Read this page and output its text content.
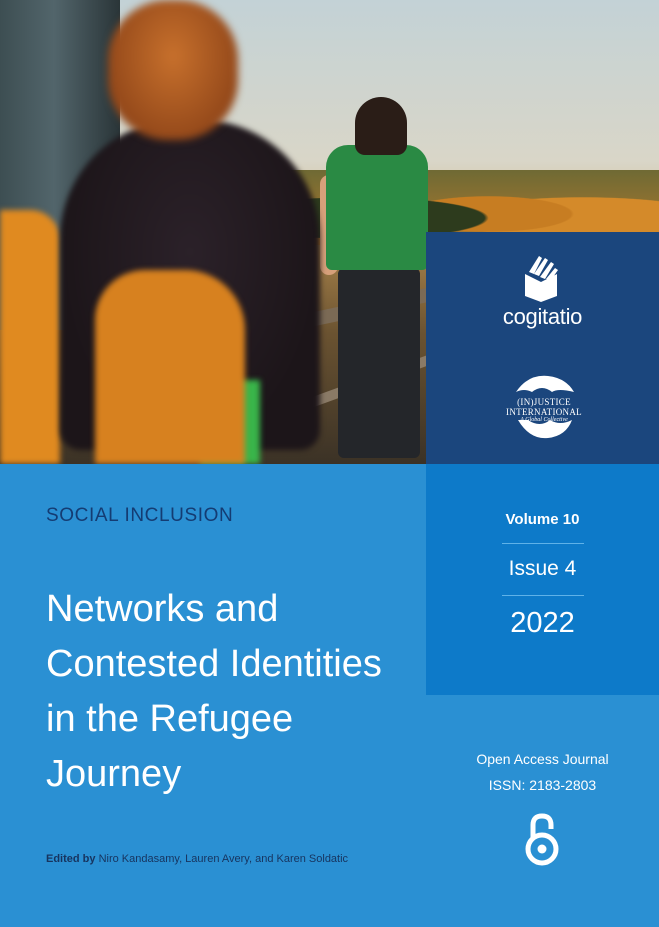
cogitatio
(IN)JUSTICE
INTERNATIONAL
A Global Collective
Volume 10
Issue 4
2022
SOCIAL INCLUSION
Networks and
Contested Identities
in the Refugee
Journey
Edited by Niro Kandasamy, Lauren Avery, and Karen Soldatic
Open Access Journal
ISSN: 2183-2803
